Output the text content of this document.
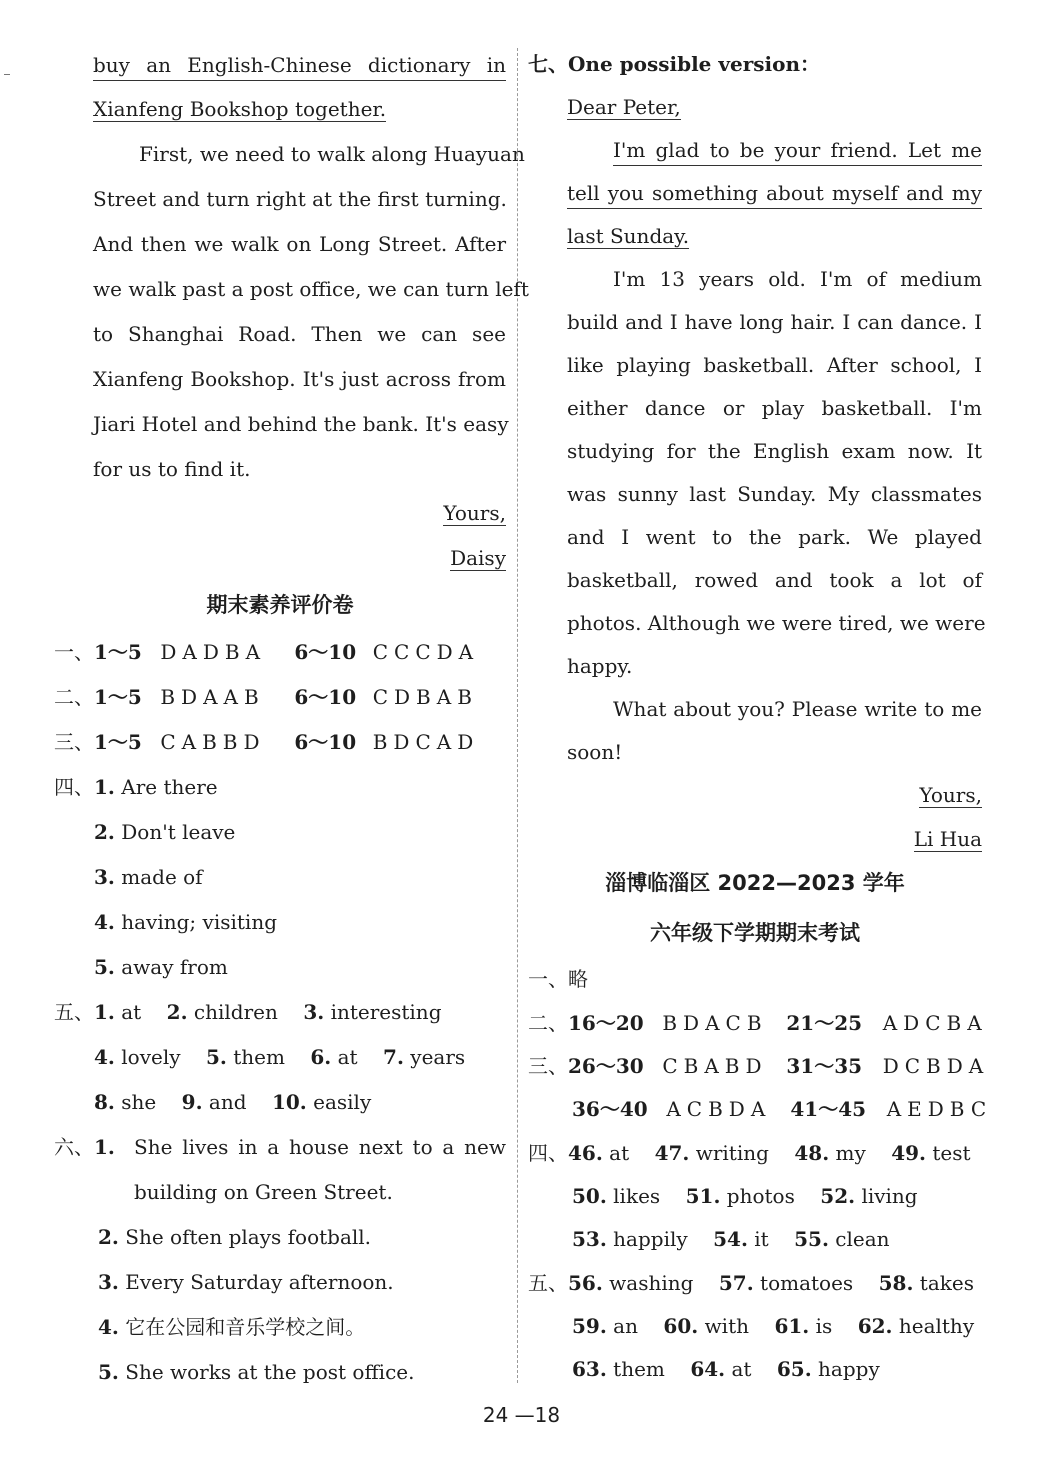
buy an English-Chinese dictionary in
Xianfeng Bookshop together.
First, we need to walk along Huayuan
Street and turn right at the first turning.
And then we walk on Long Street. After
we walk past a post office, we can turn left
to Shanghai Road. Then we can see
Xianfeng Bookshop. It's just across from
Jiari Hotel and behind the bank. It's easy
for us to find it.
Yours,
Daisy
期末素养评价卷
一、1～5 DADBA 6～10 CCCDA
二、1～5 BDAAB 6～10 CDBAB
三、1～5 CABBD 6～10 BDCAD
四、1. Are there
2. Don't leave
3. made of
4. having; visiting
5. away from
五、1. at 2. children 3. interesting
4. lovely 5. them 6. at 7. years
8. she 9. and 10. easily
六、1. She lives in a house next to a new
building on Green Street.
2. She often plays football.
3. Every Saturday afternoon.
4. 它在公园和音乐学校之间。
5. She works at the post office.
七、One possible version：
Dear Peter,
I'm glad to be your friend. Let me
tell you something about myself and my
last Sunday.
I'm 13 years old. I'm of medium
build and I have long hair. I can dance. I
like playing basketball. After school, I
either dance or play basketball. I'm
studying for the English exam now. It
was sunny last Sunday. My classmates
and I went to the park. We played
basketball, rowed and took a lot of
photos. Although we were tired, we were
happy.
What about you? Please write to me
soon!
Yours,
Li Hua
淄博临淄区 2022—2023 学年
六年级下学期期末考试
一、略
二、16～20 BDACB 21～25 ADCBA
三、26～30 CBABD 31～35 DCBDA
36～40 ACBDA 41～45 AEDBC
四、46. at 47. writing 48. my 49. test
50. likes 51. photos 52. living
53. happily 54. it 55. clean
五、56. washing 57. tomatoes 58. takes
59. an 60. with 61. is 62. healthy
63. them 64. at 65. happy
24 —18
